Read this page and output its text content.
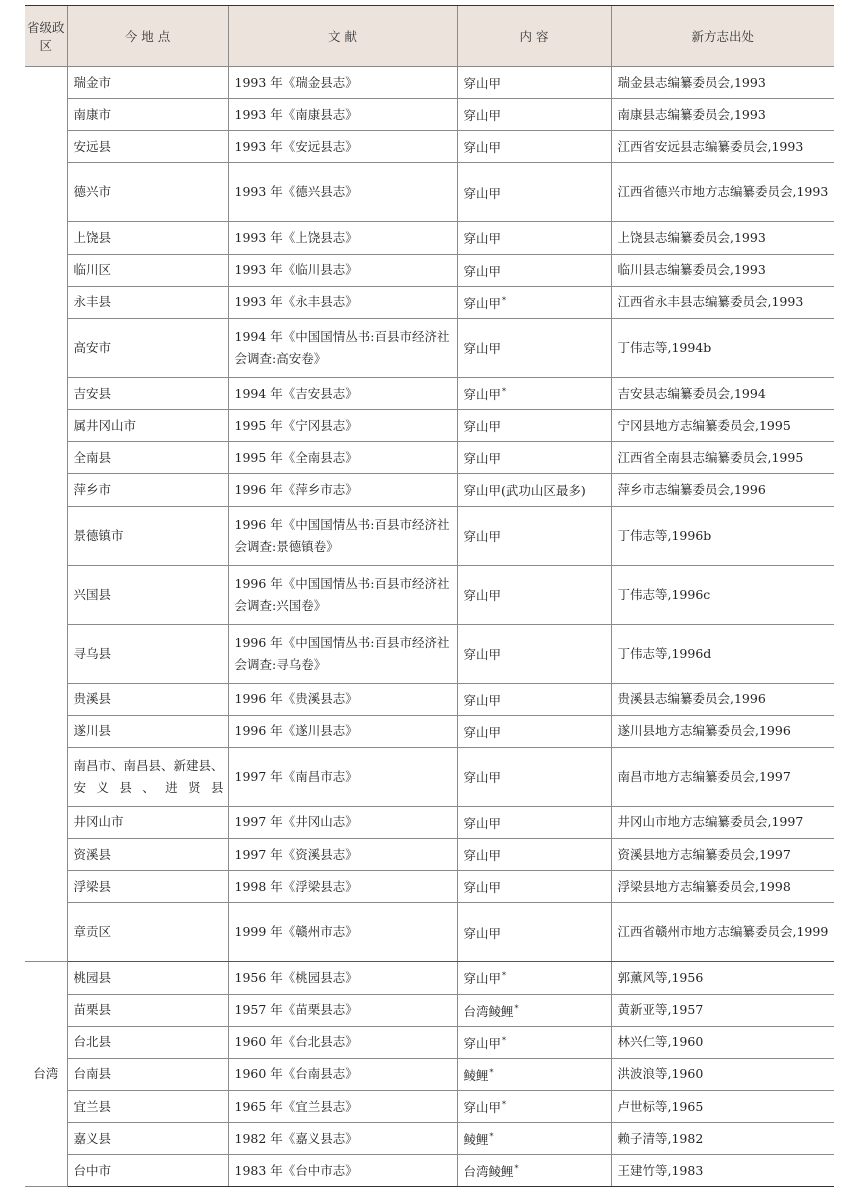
省级政区	今 地 点	文 献	内 容	新方志出处
	瑞金市	1993 年《瑞金县志》	穿山甲	瑞金县志编纂委员会,1993
	南康市	1993 年《南康县志》	穿山甲	南康县志编纂委员会,1993
	安远县	1993 年《安远县志》	穿山甲	江西省安远县志编纂委员会,1993
	德兴市	1993 年《德兴县志》	穿山甲	江西省德兴市地方志编纂委员会,1993
	上饶县	1993 年《上饶县志》	穿山甲	上饶县志编纂委员会,1993
	临川区	1993 年《临川县志》	穿山甲	临川县志编纂委员会,1993
	永丰县	1993 年《永丰县志》	穿山甲*	江西省永丰县志编纂委员会,1993
	高安市	1994 年《中国国情丛书:百县市经济社会调查:高安卷》	穿山甲	丁伟志等,1994b
	吉安县	1994 年《吉安县志》	穿山甲*	吉安县志编纂委员会,1994
	属井冈山市	1995 年《宁冈县志》	穿山甲	宁冈县地方志编纂委员会,1995
	全南县	1995 年《全南县志》	穿山甲	江西省全南县志编纂委员会,1995
	萍乡市	1996 年《萍乡市志》	穿山甲(武功山区最多)	萍乡市志编纂委员会,1996
	景德镇市	1996 年《中国国情丛书:百县市经济社会调查:景德镇卷》	穿山甲	丁伟志等,1996b
	兴国县	1996 年《中国国情丛书:百县市经济社会调查:兴国卷》	穿山甲	丁伟志等,1996c
	寻乌县	1996 年《中国国情丛书:百县市经济社会调查:寻乌卷》	穿山甲	丁伟志等,1996d
	贵溪县	1996 年《贵溪县志》	穿山甲	贵溪县志编纂委员会,1996
	遂川县	1996 年《遂川县志》	穿山甲	遂川县地方志编纂委员会,1996

	南昌市、南昌县、新建县、安义县、进贤县	1997 年《南昌市志》	穿山甲	南昌市地方志编纂委员会,1997
	井冈山市	1997 年《井冈山志》	穿山甲	井冈山市地方志编纂委员会,1997
	资溪县	1997 年《资溪县志》	穿山甲	资溪县地方志编纂委员会,1997
	浮梁县	1998 年《浮梁县志》	穿山甲	浮梁县地方志编纂委员会,1998
	章贡区	1999 年《赣州市志》	穿山甲	江西省赣州市地方志编纂委员会,1999
台湾	桃园县	1956 年《桃园县志》	穿山甲*	郭薰风等,1956
	苗栗县	1957 年《苗栗县志》	台湾鲮鲤*	黄新亚等,1957
	台北县	1960 年《台北县志》	穿山甲*	林兴仁等,1960
	台南县	1960 年《台南县志》	鲮鲤*	洪波浪等,1960
	宜兰县	1965 年《宜兰县志》	穿山甲*	卢世标等,1965
	嘉义县	1982 年《嘉义县志》	鲮鲤*	赖子清等,1982
	台中市	1983 年《台中市志》	台湾鲮鲤*	王建竹等,1983
